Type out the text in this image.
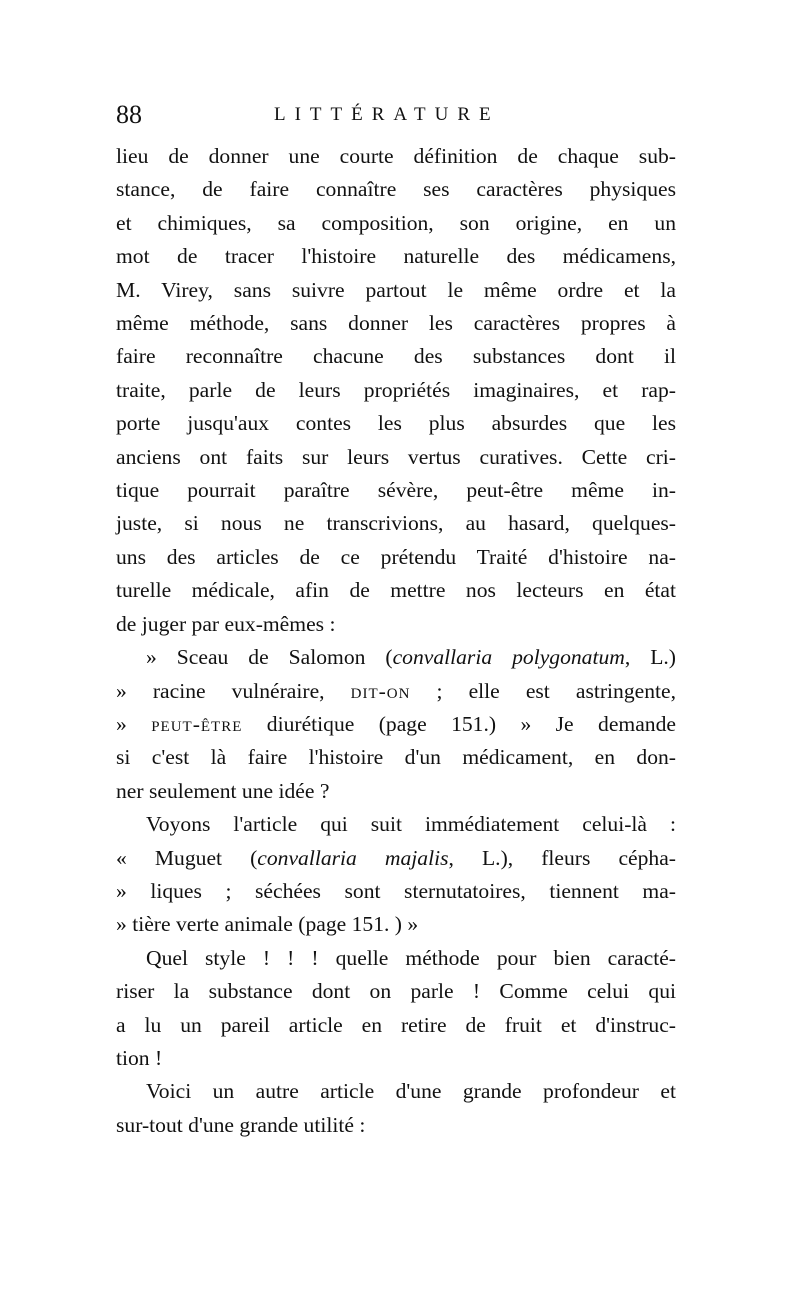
88	LITTÉRATURE
lieu de donner une courte définition de chaque sub-
stance, de faire connaître ses caractères physiques
et chimiques, sa composition, son origine, en un
mot de tracer l'histoire naturelle des médicamens,
M. Virey, sans suivre partout le même ordre et la
même méthode, sans donner les caractères propres à
faire reconnaître chacune des substances dont il
traite, parle de leurs propriétés imaginaires, et rap-
porte jusqu'aux contes les plus absurdes que les
anciens ont faits sur leurs vertus curatives. Cette cri-
tique pourrait paraître sévère, peut-être même in-
juste, si nous ne transcrivions, au hasard, quelques-
uns des articles de ce prétendu Traité d'histoire na-
turelle médicale, afin de mettre nos lecteurs en état
de juger par eux-mêmes :
» Sceau de Salomon (convallaria polygonatum, L.)
» racine vulnéraire, dit-on ; elle est astringente,
» peut-être diurétique (page 151.) » Je demande
si c'est là faire l'histoire d'un médicament, en don-
ner seulement une idée ?
Voyons l'article qui suit immédiatement celui-là :
« Muguet (convallaria majalis, L.), fleurs cépha-
» liques ; séchées sont sternutatoires, tiennent ma-
» tière verte animale (page 151. ) »
Quel style ! ! ! quelle méthode pour bien caracté-
riser la substance dont on parle ! Comme celui qui
a lu un pareil article en retire de fruit et d'instruc-
tion !
Voici un autre article d'une grande profondeur et
sur-tout d'une grande utilité :
